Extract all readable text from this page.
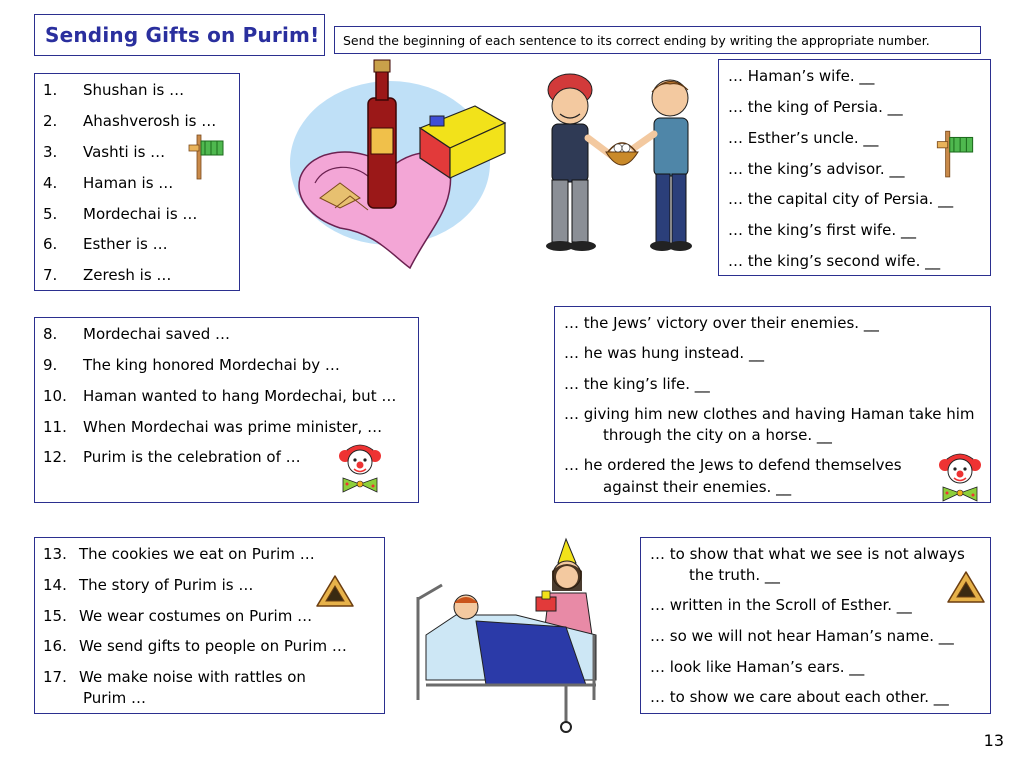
Sending Gifts on Purim! Send the beginning of each sentence to its correct ending by writing the appropriate number.
1. Shushan is …
2. Ahashverosh is …
3. Vashti is …
4. Haman is …
5. Mordechai is …
6. Esther is …
7. Zeresh is …
… Haman’s wife. __
… the king of Persia. __
… Esther’s uncle. __
… the king’s advisor. __
… the capital city of Persia. __
… the king’s first wife. __
… the king’s second wife. __
8. Mordechai saved …
9. The king honored Mordechai by …
10. Haman wanted to hang Mordechai, but …
11. When Mordechai was prime minister, …
12. Purim is the celebration of …
… the Jews’ victory over their enemies. __
… he was hung instead. __
… the king’s life. __
… giving him new clothes and having Haman take him
through the city on a horse. __
… he ordered the Jews to defend themselves
against their enemies. __
13. The cookies we eat on Purim …
14. The story of Purim is …
15. We wear costumes on Purim …
16. We send gifts to people on Purim …
17. We make noise with rattles on
Purim …
… to show that what we see is not always
the truth. __
… written in the Scroll of Esther. __
… so we will not hear Haman’s name. __
… look like Haman’s ears. __
… to show we care about each other. __
13
